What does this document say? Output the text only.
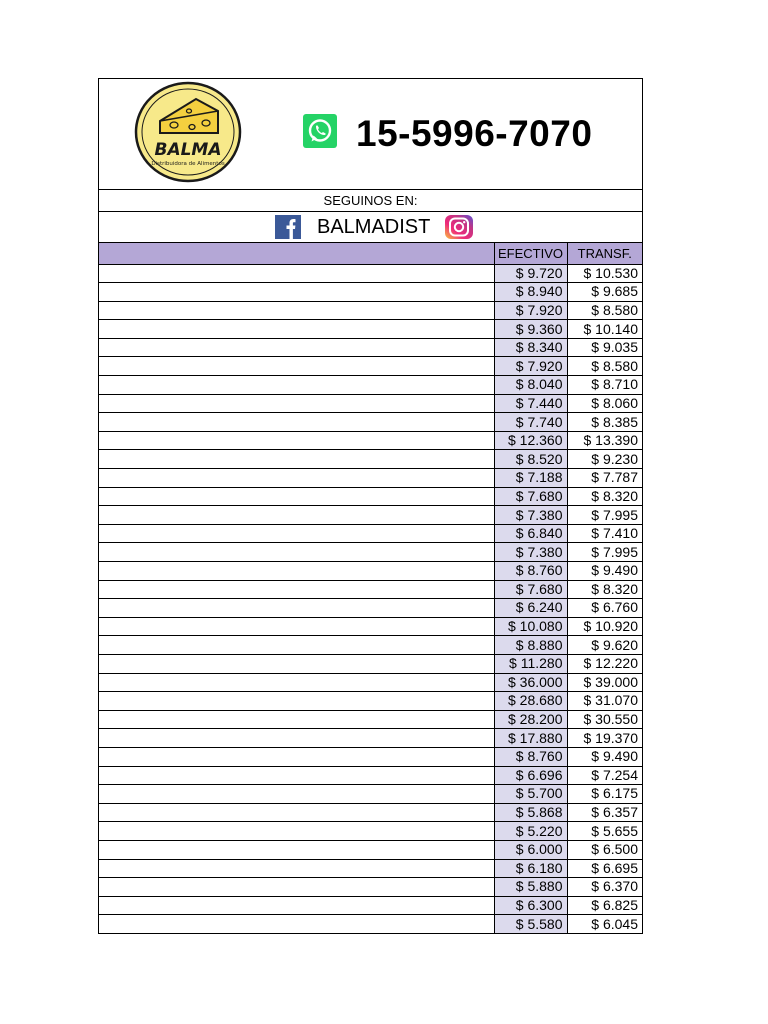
BALMA
Distribuidora de Alimentos
15-5996-7070
SEGUINOS EN:
BALMADIST
	EFECTIVO	TRANSF.
	$ 9.720	$ 10.530
	$ 8.940	$ 9.685
	$ 7.920	$ 8.580
	$ 9.360	$ 10.140
	$ 8.340	$ 9.035
	$ 7.920	$ 8.580
	$ 8.040	$ 8.710
	$ 7.440	$ 8.060
	$ 7.740	$ 8.385
	$ 12.360	$ 13.390
	$ 8.520	$ 9.230
	$ 7.188	$ 7.787
	$ 7.680	$ 8.320
	$ 7.380	$ 7.995
	$ 6.840	$ 7.410
	$ 7.380	$ 7.995
	$ 8.760	$ 9.490
	$ 7.680	$ 8.320
	$ 6.240	$ 6.760
	$ 10.080	$ 10.920
	$ 8.880	$ 9.620
	$ 11.280	$ 12.220
	$ 36.000	$ 39.000
	$ 28.680	$ 31.070
	$ 28.200	$ 30.550
	$ 17.880	$ 19.370
	$ 8.760	$ 9.490
	$ 6.696	$ 7.254
	$ 5.700	$ 6.175
	$ 5.868	$ 6.357
	$ 5.220	$ 5.655
	$ 6.000	$ 6.500
	$ 6.180	$ 6.695
	$ 5.880	$ 6.370
	$ 6.300	$ 6.825
	$ 5.580	$ 6.045
